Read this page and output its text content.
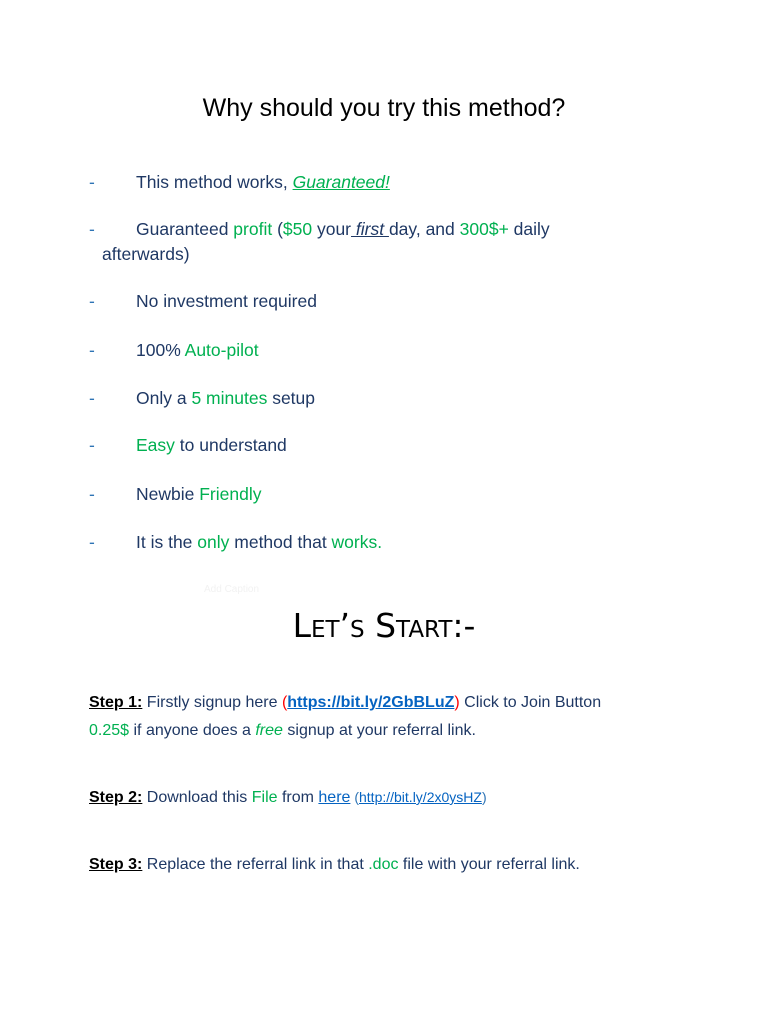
Why should you try this method?
- This method works, Guaranteed!
- Guaranteed profit ($50 your first day, and 300$+ daily
afterwards)
- No investment required
- 100% Auto-pilot
- Only a 5 minutes setup
- Easy to understand
- Newbie Friendly
- It is the only method that works.
Add Caption
Let’s Start:-
Step 1: Firstly signup here (https://bit.ly/2GbBLuZ) Click to Join Button
0.25$ if anyone does a free signup at your referral link.
Step 2: Download this File from here (http://bit.ly/2x0ysHZ)
Step 3: Replace the referral link in that .doc file with your referral link.
